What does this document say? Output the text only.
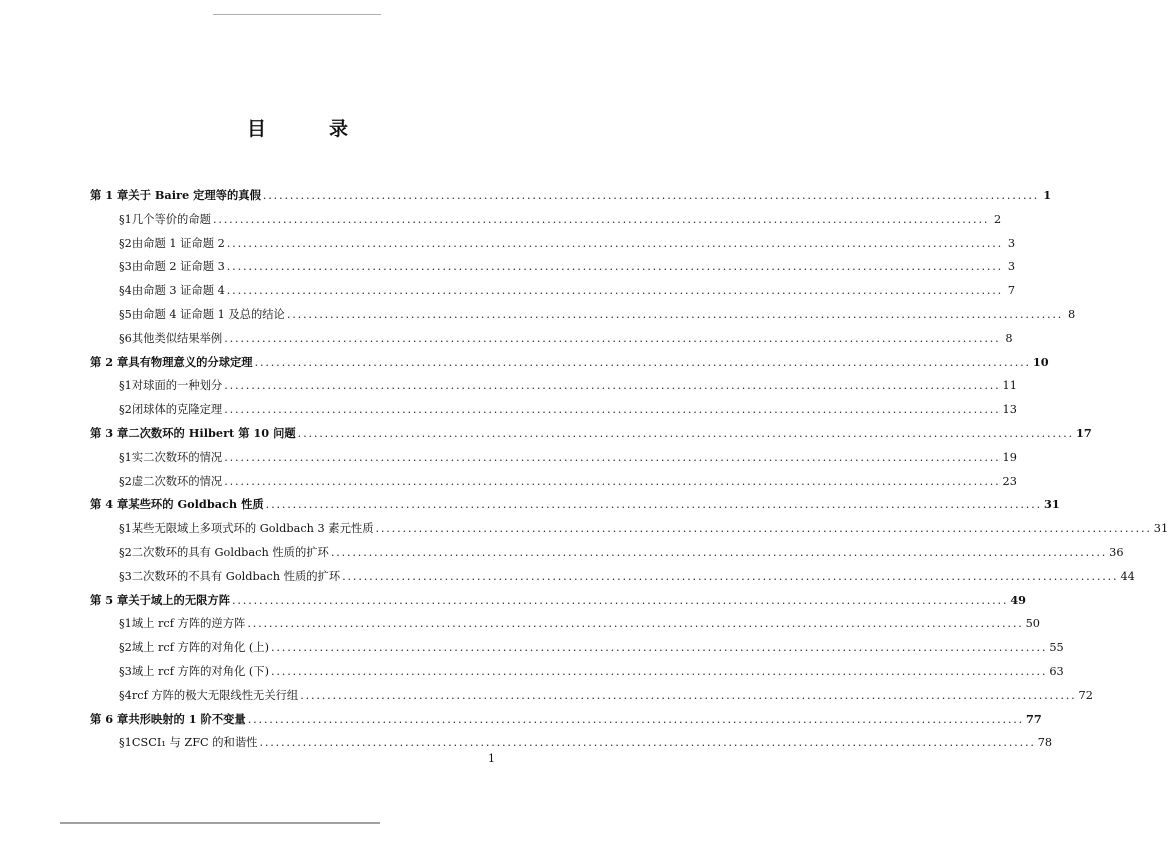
目　录
第 1 章 关于 Baire 定理等的真假 .....	1
§1 几个等价的命题 .....	2
§2 由命题 1 证命题 2 .....	3
§3 由命题 2 证命题 3 .....	3
§4 由命题 3 证命题 4 .....	7
§5 由命题 4 证命题 1 及总的结论 .....	8
§6 其他类似结果举例 .....	8
第 2 章 具有物理意义的分球定理 .....	10
§1 对球面的一种划分 .....	11
§2 闭球体的克隆定理 .....	13
第 3 章 二次数环的 Hilbert 第 10 问题 .....	17
§1 实二次数环的情况 .....	19
§2 虚二次数环的情况 .....	23
第 4 章 某些环的 Goldbach 性质 .....	31
§1 某些无限域上多项式环的 Goldbach 3 素元性质 .....	31
§2 二次数环的具有 Goldbach 性质的扩环 .....	36
§3 二次数环的不具有 Goldbach 性质的扩环 .....	44
第 5 章 关于域上的无限方阵 .....	49
§1 域上 rcf 方阵的逆方阵 .....	50
§2 域上 rcf 方阵的对角化 (上) .....	55
§3 域上 rcf 方阵的对角化 (下) .....	63
§4 rcf 方阵的极大无限线性无关行组 .....	72
第 6 章 共形映射的 1 阶不变量 .....	77
§1 CSCI₁ 与 ZFC 的和谐性 .....	78
1
